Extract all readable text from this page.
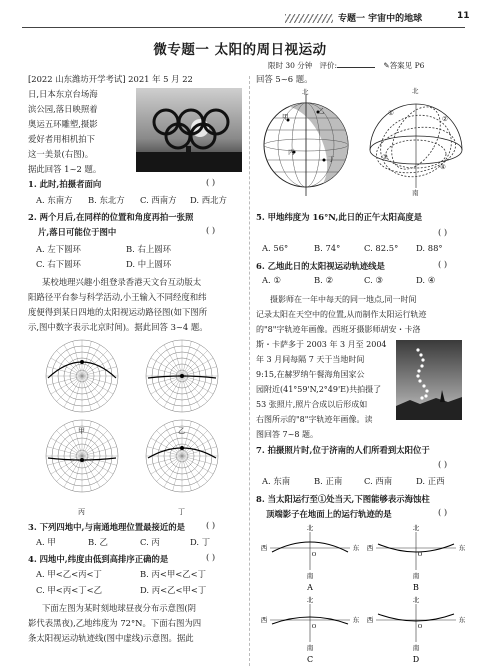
专题一 宇宙中的地球	11
微专题一 太阳的周日视运动
限时 30 分钟 评价:	✎答案见 P6
[2022 山东潍坊开学考试] 2021 年 5 月 22
日,日本东京台场海
滨公园,落日映照着
奥运五环雕塑,摄影
爱好者用相机拍下
这一美景(右图)。
据此回答 1~2 题。
1. 此时,拍摄者面向	( )
A. 东南方 B. 东北方 C. 西南方 D. 西北方
2. 两个月后,在同样的位置和角度再拍一张照
片,落日可能位于图中	( )
A. 左下圆环	B. 右上圆环
C. 右下圆环	D. 中上圆环
某校地理兴趣小组登录香港天文台互动版太
阳路径平台参与科学活动,小王输入不同经度和纬
度便得到某日四地的太阳视运动路径图(如下图所
示,图中数字表示北京时间)。据此回答 3~4 题。
甲	乙
丙	丁
3. 下列四地中,与南通地理位置最接近的是	( )
A. 甲	B. 乙	C. 丙	D. 丁
4. 四地中,纬度由低到高排序正确的是	( )
A. 甲<乙<丙<丁	B. 丙<甲<乙<丁
C. 甲<丙<丁<乙	D. 丙<乙<甲<丁
下面左图为某时刻地球昼夜分布示意图(阴
影代表黑夜),乙地纬度为 72°N。下面右图为四
条太阳视运动轨迹线(图中虚线)示意图。据此
回答 5~6 题。
北
甲
乙
丙
丁
北
南
①
②
③
④
5. 甲地纬度为 16°N,此日的正午太阳高度是
( )
A. 56°	B. 74°	C. 82.5° D. 88°
6. 乙地此日的太阳视运动轨迹线是	( )
A. ①	B. ②	C. ③	D. ④
摄影师在一年中每天的同一地点,同一时间
记录太阳在天空中的位置,从而制作太阳运行轨迹
的"8"字轨迹年画像。西班牙摄影师胡安・卡洛
斯・卡萨多于 2003 年 3 月至 2004
年 3 月间每隔 7 天于当地时间
9:15,在赫罗纳午餐海角国家公
园附近(41°59'N,2°49'E)共拍摄了
53 张照片,照片合成以后形成如
右图所示的"8"字轨迹年画像。读
图回答 7~8 题。
7. 拍摄照片时,位于济南的人们所看到太阳位于
( )
A. 东南	B. 正南	C. 西南	D. 正西
8. 当太阳运行至①处当天,下图能够表示海蚀柱
顶端影子在地面上的运行轨迹的是	( )
北
南
西	东
O
A
北
南
西	东
O
B
北
南
西	东
O
C
北
南
西	东
O
D
